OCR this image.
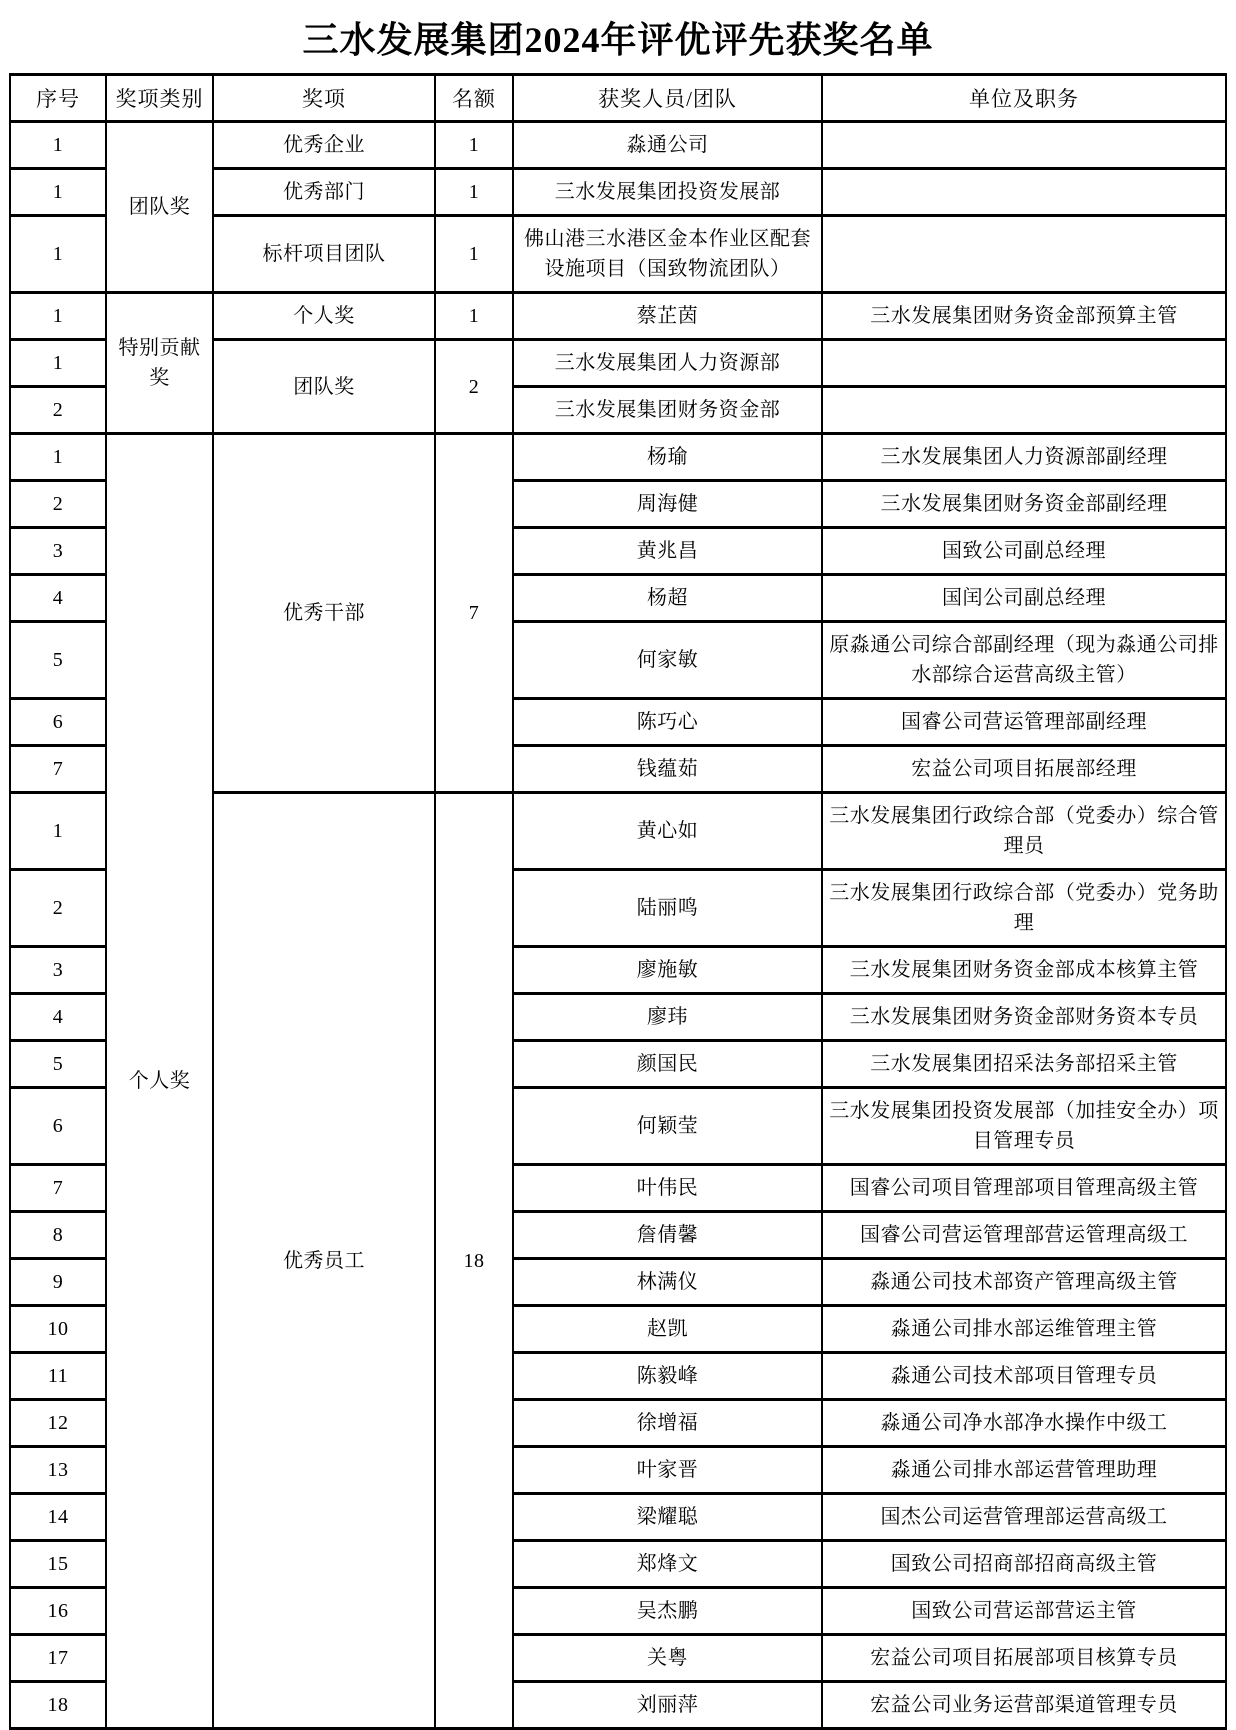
三水发展集团2024年评优评先获奖名单
序号	奖项类别	奖项	名额	获奖人员/团队	单位及职务
1	团队奖	优秀企业	1	淼通公司	
1		优秀部门	1	三水发展集团投资发展部	
1		标杆项目团队	1	佛山港三水港区金本作业区配套设施项目（国致物流团队）	
1	特别贡献奖	个人奖	1	蔡芷茵	三水发展集团财务资金部预算主管
1		团队奖	2	三水发展集团人力资源部	
2				三水发展集团财务资金部	
1	个人奖	优秀干部	7	杨瑜	三水发展集团人力资源部副经理
2				周海健	三水发展集团财务资金部副经理
3				黄兆昌	国致公司副总经理
4				杨超	国闰公司副总经理
5				何家敏	原淼通公司综合部副经理（现为淼通公司排水部综合运营高级主管）
6				陈巧心	国睿公司营运管理部副经理
7				钱蕴茹	宏益公司项目拓展部经理
1		优秀员工	18	黄心如	三水发展集团行政综合部（党委办）综合管理员
2				陆丽鸣	三水发展集团行政综合部（党委办）党务助理
3				廖施敏	三水发展集团财务资金部成本核算主管
4				廖玮	三水发展集团财务资金部财务资本专员
5				颜国民	三水发展集团招采法务部招采主管
6				何颖莹	三水发展集团投资发展部（加挂安全办）项目管理专员
7				叶伟民	国睿公司项目管理部项目管理高级主管
8				詹倩馨	国睿公司营运管理部营运管理高级工
9				林满仪	淼通公司技术部资产管理高级主管
10				赵凯	淼通公司排水部运维管理主管
11				陈毅峰	淼通公司技术部项目管理专员
12				徐增福	淼通公司净水部净水操作中级工
13				叶家晋	淼通公司排水部运营管理助理
14				梁耀聪	国杰公司运营管理部运营高级工
15				郑烽文	国致公司招商部招商高级主管
16				吴杰鹏	国致公司营运部营运主管
17				关粤	宏益公司项目拓展部项目核算专员
18				刘丽萍	宏益公司业务运营部渠道管理专员
